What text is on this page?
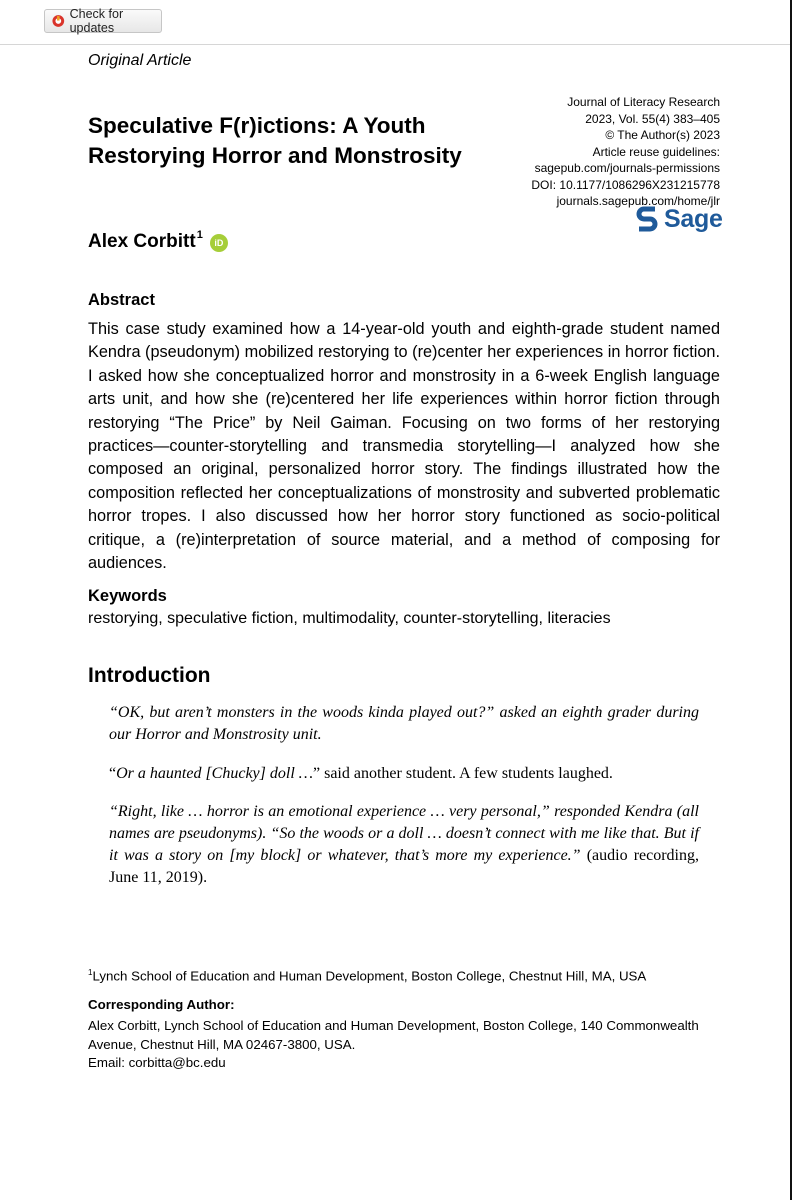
Check for updates
Original Article
Speculative F(r)ictions: A Youth Restorying Horror and Monstrosity
Journal of Literacy Research
2023, Vol. 55(4) 383–405
© The Author(s) 2023
Article reuse guidelines:
sagepub.com/journals-permissions
DOI: 10.1177/1086296X231215778
journals.sagepub.com/home/jlr
Sage
Alex Corbitt$^1$
iD
Abstract

This case study examined how a 14-year-old youth and eighth-grade student named Kendra (pseudonym) mobilized restorying to (re)center her experiences in horror fiction. I asked how she conceptualized horror and monstrosity in a 6-week English language arts unit, and how she (re)centered her life experiences within horror fiction through restorying “The Price” by Neil Gaiman. Focusing on two forms of her restorying practices—counter-storytelling and transmedia storytelling—I analyzed how she composed an original, personalized horror story. The findings illustrated how the composition reflected her conceptualizations of monstrosity and subverted problematic horror tropes. I also discussed how her horror story functioned as socio-political critique, a (re)interpretation of source material, and a method of composing for audiences.

Keywords
restorying, speculative fiction, multimodality, counter-storytelling, literacies
Introduction

“OK, but aren’t monsters in the woods kinda played out?” asked an eighth grader during our Horror and Monstrosity unit.

“Or a haunted [Chucky] doll …” said another student. A few students laughed.

“Right, like … horror is an emotional experience … very personal,” responded Kendra (all names are pseudonyms). “So the woods or a doll … doesn’t connect with me like that. But if it was a story on [my block] or whatever, that’s more my experience.” (audio recording, June 11, 2019).

$^1$Lynch School of Education and Human Development, Boston College, Chestnut Hill, MA, USA
Corresponding Author:

Alex Corbitt, Lynch School of Education and Human Development, Boston College, 140 Commonwealth Avenue, Chestnut Hill, MA 02467-3800, USA.
Email: corbitta@bc.edu
